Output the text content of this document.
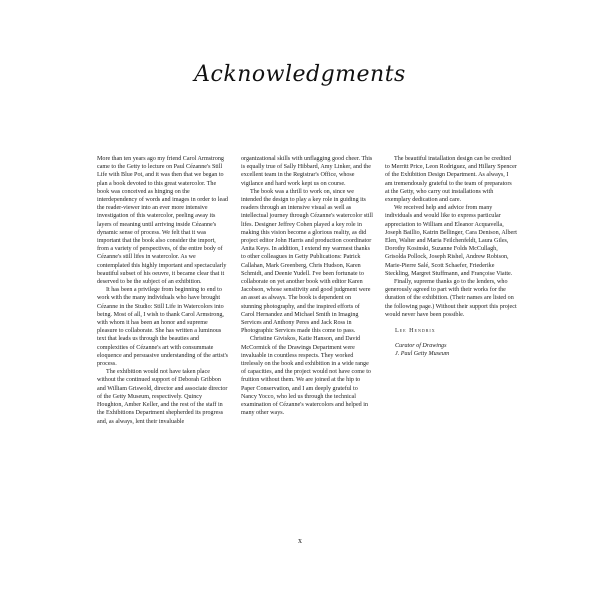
Acknowledgments

More than ten years ago my friend Carol Armstrong came to the Getty to lecture on Paul Cézanne's Still Life with Blue Pot, and it was then that we began to plan a book devoted to this great watercolor. The book was conceived as hinging on the interdependency of words and images in order to lead the reader-viewer into an ever more intensive investigation of this watercolor, peeling away its layers of meaning until arriving inside Cézanne's dynamic sense of process. We felt that it was important that the book also consider the import, from a variety of perspectives, of the entire body of Cézanne's still lifes in watercolor. As we contemplated this highly important and spectacularly beautiful subset of his oeuvre, it became clear that it deserved to be the subject of an exhibition.

It has been a privilege from beginning to end to work with the many individuals who have brought Cézanne in the Studio: Still Life in Watercolors into being. Most of all, I wish to thank Carol Armstrong, with whom it has been an honor and supreme pleasure to collaborate. She has written a luminous text that leads us through the beauties and complexities of Cézanne's art with consummate eloquence and persuasive understanding of the artist's process.

The exhibition would not have taken place without the continued support of Deborah Gribbon and William Griswold, director and associate director of the Getty Museum, respectively. Quincy Houghton, Amber Keller, and the rest of the staff in the Exhibitions Department shepherded its progress and, as always, lent their invaluable

organizational skills with unflagging good cheer. This is equally true of Sally Hibbard, Amy Linker, and the excellent team in the Registrar's Office, whose vigilance and hard work kept us on course.

The book was a thrill to work on, since we intended the design to play a key role in guiding its readers through an intensive visual as well as intellectual journey through Cézanne's watercolor still lifes. Designer Jeffrey Cohen played a key role in making this vision become a glorious reality, as did project editor John Harris and production coordinator Anita Keys. In addition, I extend my warmest thanks to other colleagues in Getty Publications: Patrick Callahan, Mark Greenberg, Chris Hudson, Karen Schmidt, and Deenie Yudell. I've been fortunate to collaborate on yet another book with editor Karen Jacobson, whose sensitivity and good judgment were an asset as always. The book is dependent on stunning photography, and the inspired efforts of Carol Hernandez and Michael Smith in Imaging Services and Anthony Peres and Jack Ross in Photographic Services made this come to pass.

Christine Giviskos, Katie Hanson, and David McCormick of the Drawings Department were invaluable in countless respects. They worked tirelessly on the book and exhibition in a wide range of capacities, and the project would not have come to fruition without them. We are joined at the hip to Paper Conservation, and I am deeply grateful to Nancy Yocco, who led us through the technical examination of Cézanne's watercolors and helped in many other ways.

The beautiful installation design can be credited to Merritt Price, Leon Rodriguez, and Hillary Spencer of the Exhibition Design Department. As always, I am tremendously grateful to the team of preparators at the Getty, who carry out installations with exemplary dedication and care.

We received help and advice from many individuals and would like to express particular appreciation to William and Eleanor Acquavella, Joseph Baillio, Katrin Bellinger, Cara Denison, Albert Elen, Walter and Maria Feilchenfeldt, Laura Giles, Dorothy Kosinski, Suzanne Folds McCullagh, Grisolda Pollock, Joseph Rishel, Andrew Robison, Marie-Pierre Salé, Scott Schaefer, Friederike Steckling, Margret Stuffmann, and Françoise Viatte.

Finally, supreme thanks go to the lenders, who generously agreed to part with their works for the duration of the exhibition. (Their names are listed on the following page.) Without their support this project would never have been possible.

Lee Hendrix
Curator of Drawings
J. Paul Getty Museum
x
